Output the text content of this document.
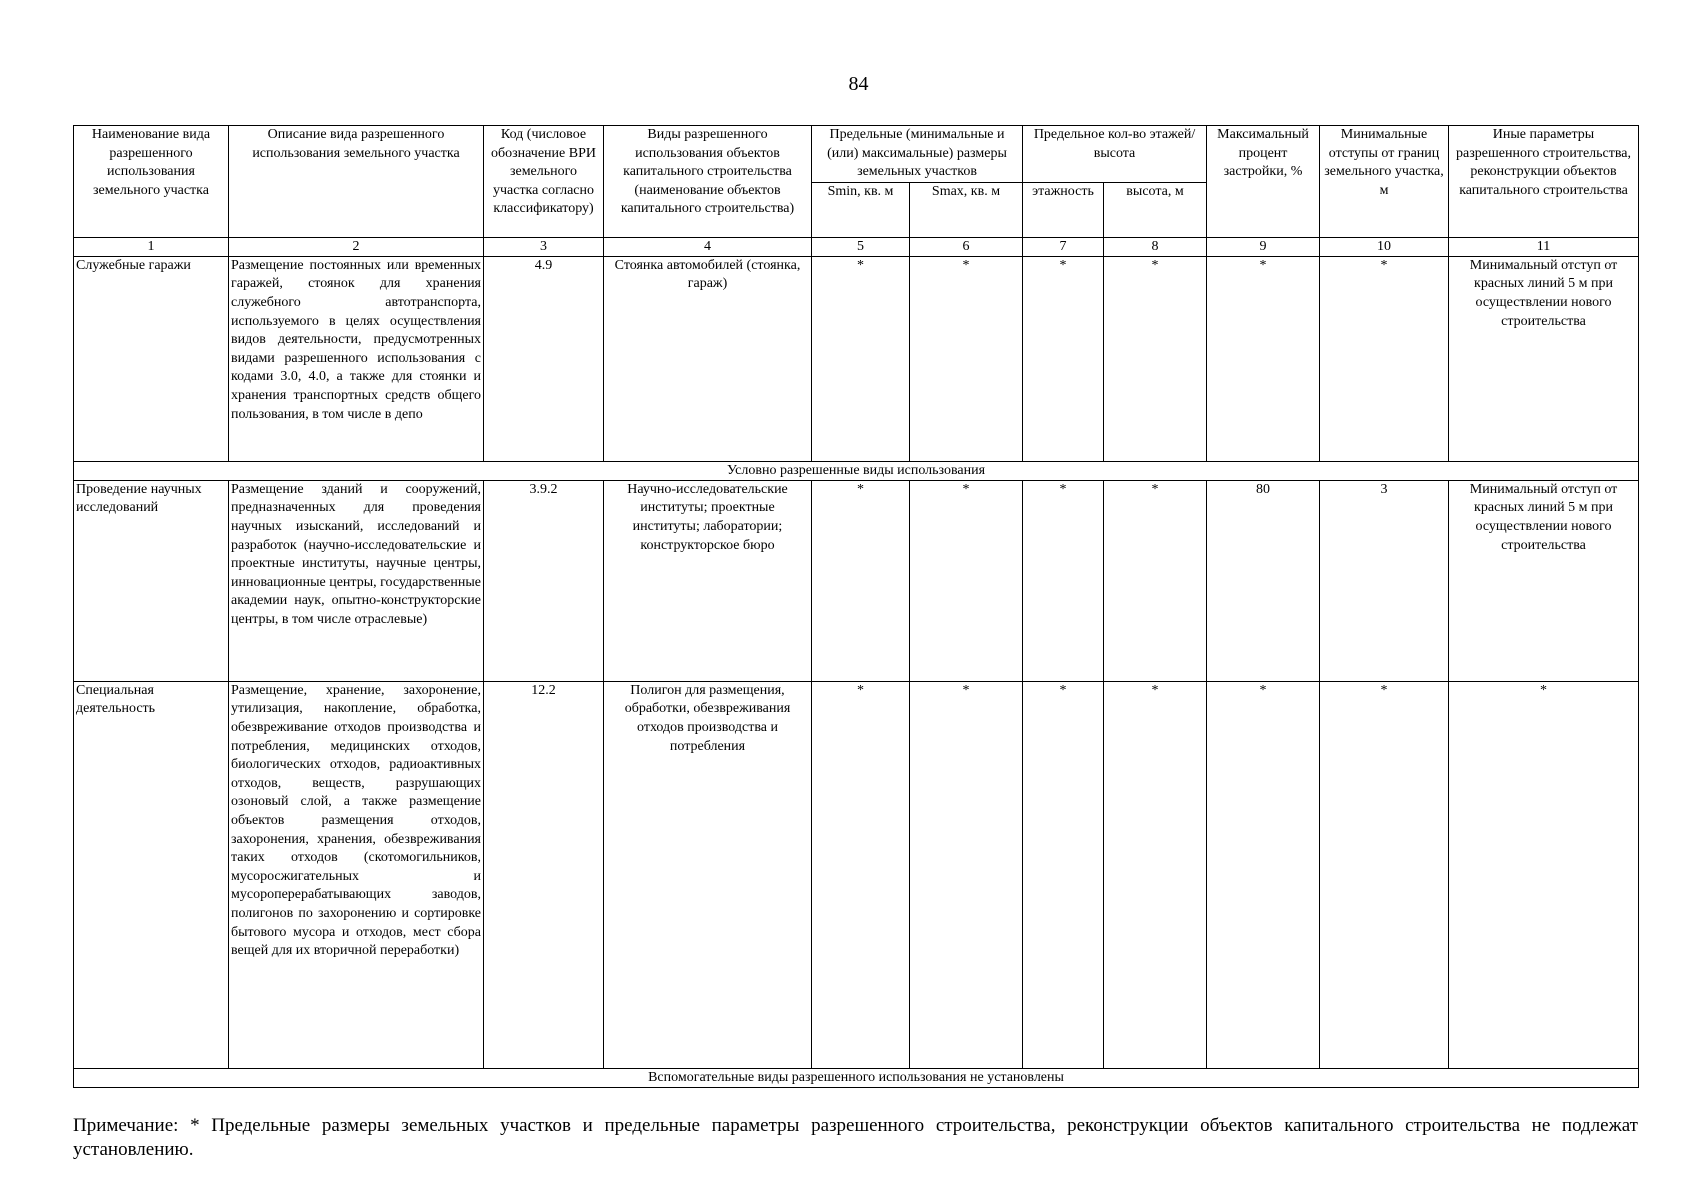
84
Наименование вида разрешенного использования земельного участка	Описание вида разрешенного использования земельного участка	Код (числовое обозначение ВРИ земельного участка согласно классификатору)	Виды разрешенного использования объектов капитального строительства (наименование объектов капитального строительства)	Предельные (минимальные и (или) максимальные) размеры земельных участков		Предельное кол-во этажей/высота		Максимальный процент застройки, %	Минимальные отступы от границ земельного участка, м	Иные параметры разрешенного строительства, реконструкции объектов капитального строительства
				Smin, кв. м	Smax, кв. м	этажность	высота, м			
1	2	3	4	5	6	7	8	9	10	11
Служебные гаражи	Размещение постоянных или временных гаражей, стоянок для хранения служебного автотранспорта, используемого в целях осуществления видов деятельности, предусмотренных видами разрешенного использования с кодами 3.0, 4.0, а также для стоянки и хранения транспортных средств общего пользования, в том числе в депо	4.9	Стоянка автомобилей (стоянка, гараж)	*	*	*	*	*	*	Минимальный отступ от красных линий 5 м при осуществлении нового строительства
Условно разрешенные виды использования										
Проведение научных исследований	Размещение зданий и сооружений, предназначенных для проведения научных изысканий, исследований и разработок (научно-исследовательские и проектные институты, научные центры, инновационные центры, государственные академии наук, опытно-конструкторские центры, в том числе отраслевые)	3.9.2	Научно-исследовательские институты; проектные институты; лаборатории; конструкторское бюро	*	*	*	*	80	3	Минимальный отступ от красных линий 5 м при осуществлении нового строительства
Специальная деятельность	Размещение, хранение, захоронение, утилизация, накопление, обработка, обезвреживание отходов производства и потребления, медицинских отходов, биологических отходов, радиоактивных отходов, веществ, разрушающих озоновый слой, а также размещение объектов размещения отходов, захоронения, хранения, обезвреживания таких отходов (скотомогильников, мусоросжигательных и мусороперерабатывающих заводов, полигонов по захоронению и сортировке бытового мусора и отходов, мест сбора вещей для их вторичной переработки)	12.2	Полигон для размещения, обработки, обезвреживания отходов производства и потребления	*	*	*	*	*	*	*
Вспомогательные виды разрешенного использования не установлены										
Примечание: * Предельные размеры земельных участков и предельные параметры разрешенного строительства, реконструкции объектов капитального строительства не подлежат установлению.
